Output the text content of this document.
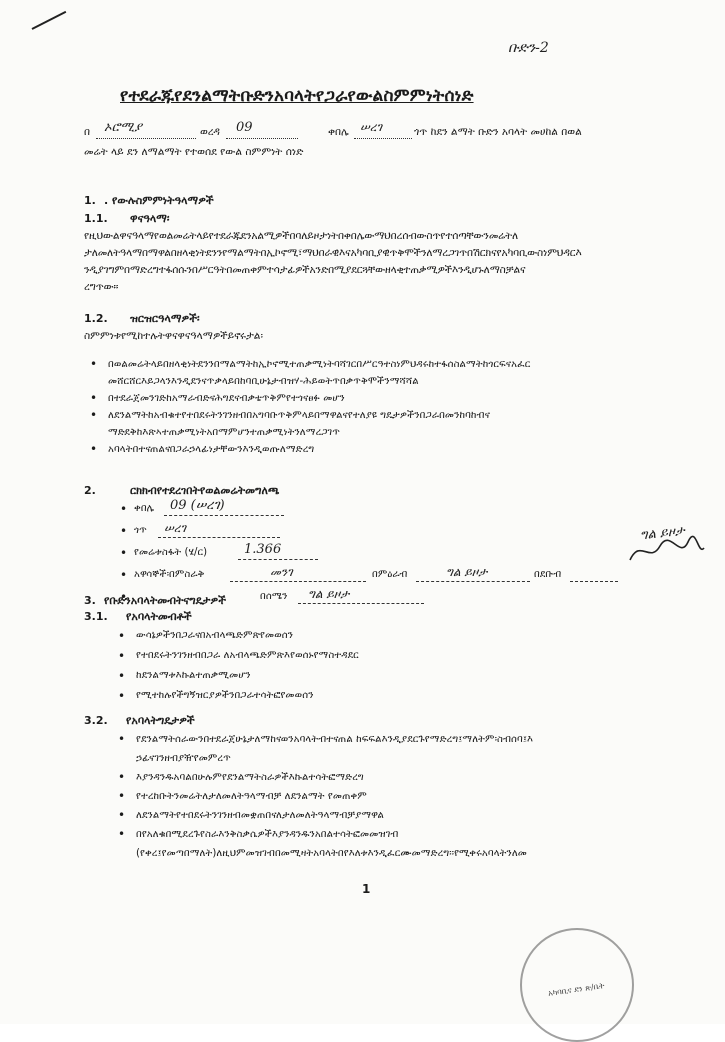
ቡድን-2
የተደራጁየደንልማትቡድንአባላትየጋራየውልስምምነትሰነድ
በ ኦሮሚያ	ወረዳ 09	ቀበሌ ሠረገ	ጎጥ ከደን ልማት ቡድን አባላት መሀከል በወል
መሬት ላይ ደን ለማልማት የተወሰደ የውል ስምምነት ሰነድ
1. . የውሉስምምነትዓላማዎች
1.1. ዋናዓላማ፡
የዚህውልዋናዓላማየወልመሬትላይየተደራጁደንአልሚዎችበባለይዞታነትበቀበሌውማህበረሰብውስጥየተሰጣቸውንመሬትለ
ታለመለትዓላማበማዋልበዘላቂነትደንንየማልማትበኢኮኖሚ፣ማህበራዊእናአካባቢያዊጥቅሞችንለማረጋገጥበሽርክናየአካባቢውስነምህዳርእ
ንዲያገግምበማድረግተፋሰሱንበሥርዓትበመጠቀምተሳታፊዎችአንድበሚያደርጓቸውዘላቂተጠቃሚዎችእንዲሆኑለማስቻልና
ረግጥው።
1.2. ዝርዝርዓላማዎች፡
ስምምነቱየሚከተሉትዋናዋናዓላማዎችይኖሩታል፡
• በወልመሬትላይበዘላቂነትደንንበማልማትከኢኮኖሚተጠቃሚነትባሻገርበሥርዓተስነምህዳሩከተፋሰስልማትከጎርፍናአፈር
መሸርሸርእይጋላንእንዲደንናጥቃላይበከባቢሁኔታብዝሃ-ሕይወትጥበቃጥቅሞችንማሻሻል
• በተደራጀመንገድከአማራብድናሕግደናብቃቴጥቅምየተጎናፀፉ መሆን
• ለደንልማትከአብቁተየተበደሩትንገንዘብበአግባቡጥቅምላይበማዋልናየተለያዩ ግዴታዎችንበጋራበመንከባከብና
ማድደቅከእጽኣተጠቃሚነትአበማምሆንተጠቃሚነትንለማረጋገጥ
• አባላትበተናጠልናበጋራኃላፊነታቸውንእንዲወጡለማድረግ
2.	ርክክብየተደረገበትየወልመሬትመግለጫ
• ቀበሌ 09 (ሠረገ)
• ጎጥ ሠረገ
• የመሬቱስፋት (ሄ/ር)	1.366
• አዋሳኞች፡በምስራቅ	መንገ	በምዕራብ	ግል ይዞታ	በደቡብ
• በሰሜን ግል ይዞታ
ግል ይዞታ
3. የቡድንአባላትመብትናግዴታዎች
3.1. የአባላትመብቶች
• ውሳኔዎችንበጋራናበአብላጫድምጽየመወሰን
• የተበደሩትንገንዘብበጋራ ለአብላጫድምጽእየወሰኑየማስተዳደር
• ከደንልማቱእኩልተጠቃሚመሆን
• የሚተከሉየችግኝዝርያዎችንበጋራተሳትፎየመወሰን
3.2. የአባላትግዴታዎች
• የደንልማትሰራውንበተደራጀሁኔታለማከናወንአባላትብተናጠል ከፍፍልእንዲያደርጉየማድረግ፤ማለትም፡ስብሰባ፤እ
ኃፊናገንዘብያዥየመምረጥ
• እያንዳንዱአባልበሁሉምየደንልማትስራዎችእኩልተሳትፎማድረግ
• የተረከቡትንመሬትለታለመለትዓላማብቻ ለደንልማት የመጠቀም
• ለደንልማትየተበደሩትንገንዘብመቋጠበናለታለመለትዓላማብቻያማዋል
• በየአለቁበሚደረጉየስራእንቅስቃሴዎችእያንዳንዱንአበልተሳትፎመመዝገብ
(የቀረ፤የመጣበማለት)ለዚህምመዝገብበመሚዛትአባላትበየእለቱእንዲፈርሙመማድረግ፡፡የሚቀሩአባላትንለመ
1
አካባቢና ደን ጽ/ቤት
